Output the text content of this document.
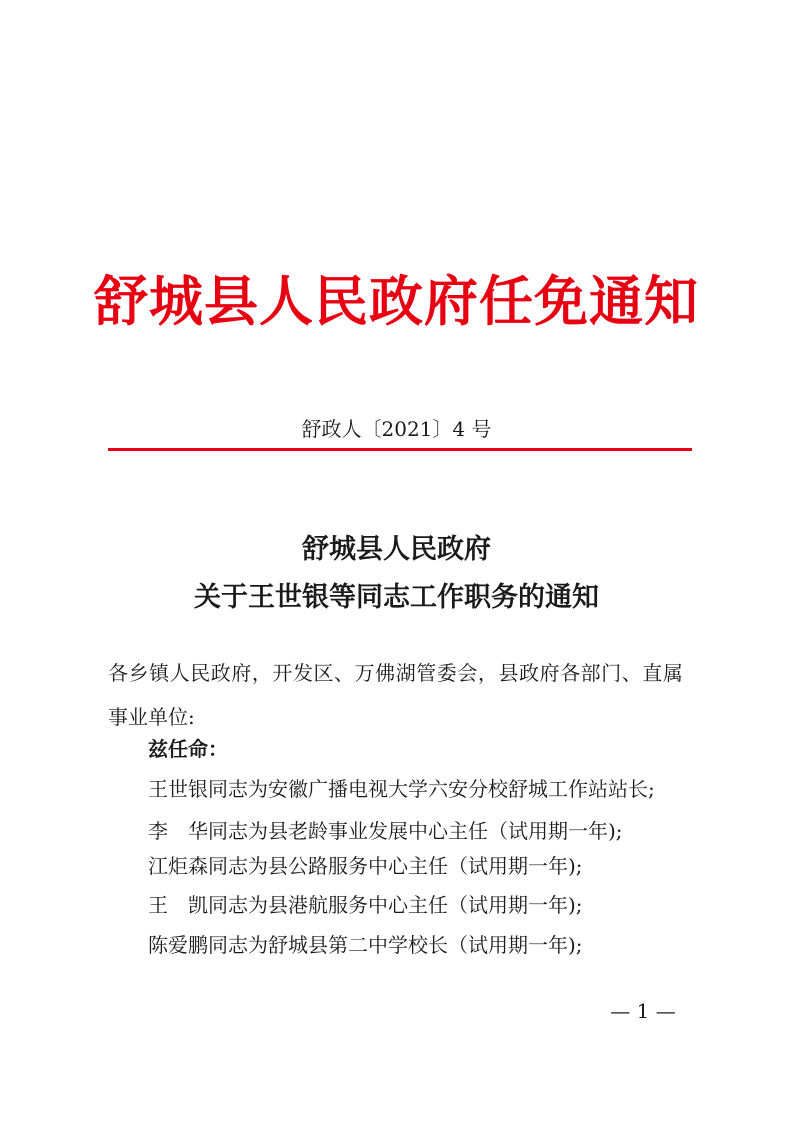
舒城县人民政府任免通知
舒政人〔2021〕4 号
舒城县人民政府
关于王世银等同志工作职务的通知
各乡镇人民政府，开发区、万佛湖管委会，县政府各部门、直属
事业单位:
兹任命：
王世银同志为安徽广播电视大学六安分校舒城工作站站长;
李　华同志为县老龄事业发展中心主任（试用期一年);
江炬森同志为县公路服务中心主任（试用期一年);
王　凯同志为县港航服务中心主任（试用期一年);
陈爱鹏同志为舒城县第二中学校长（试用期一年);
— 1 —
